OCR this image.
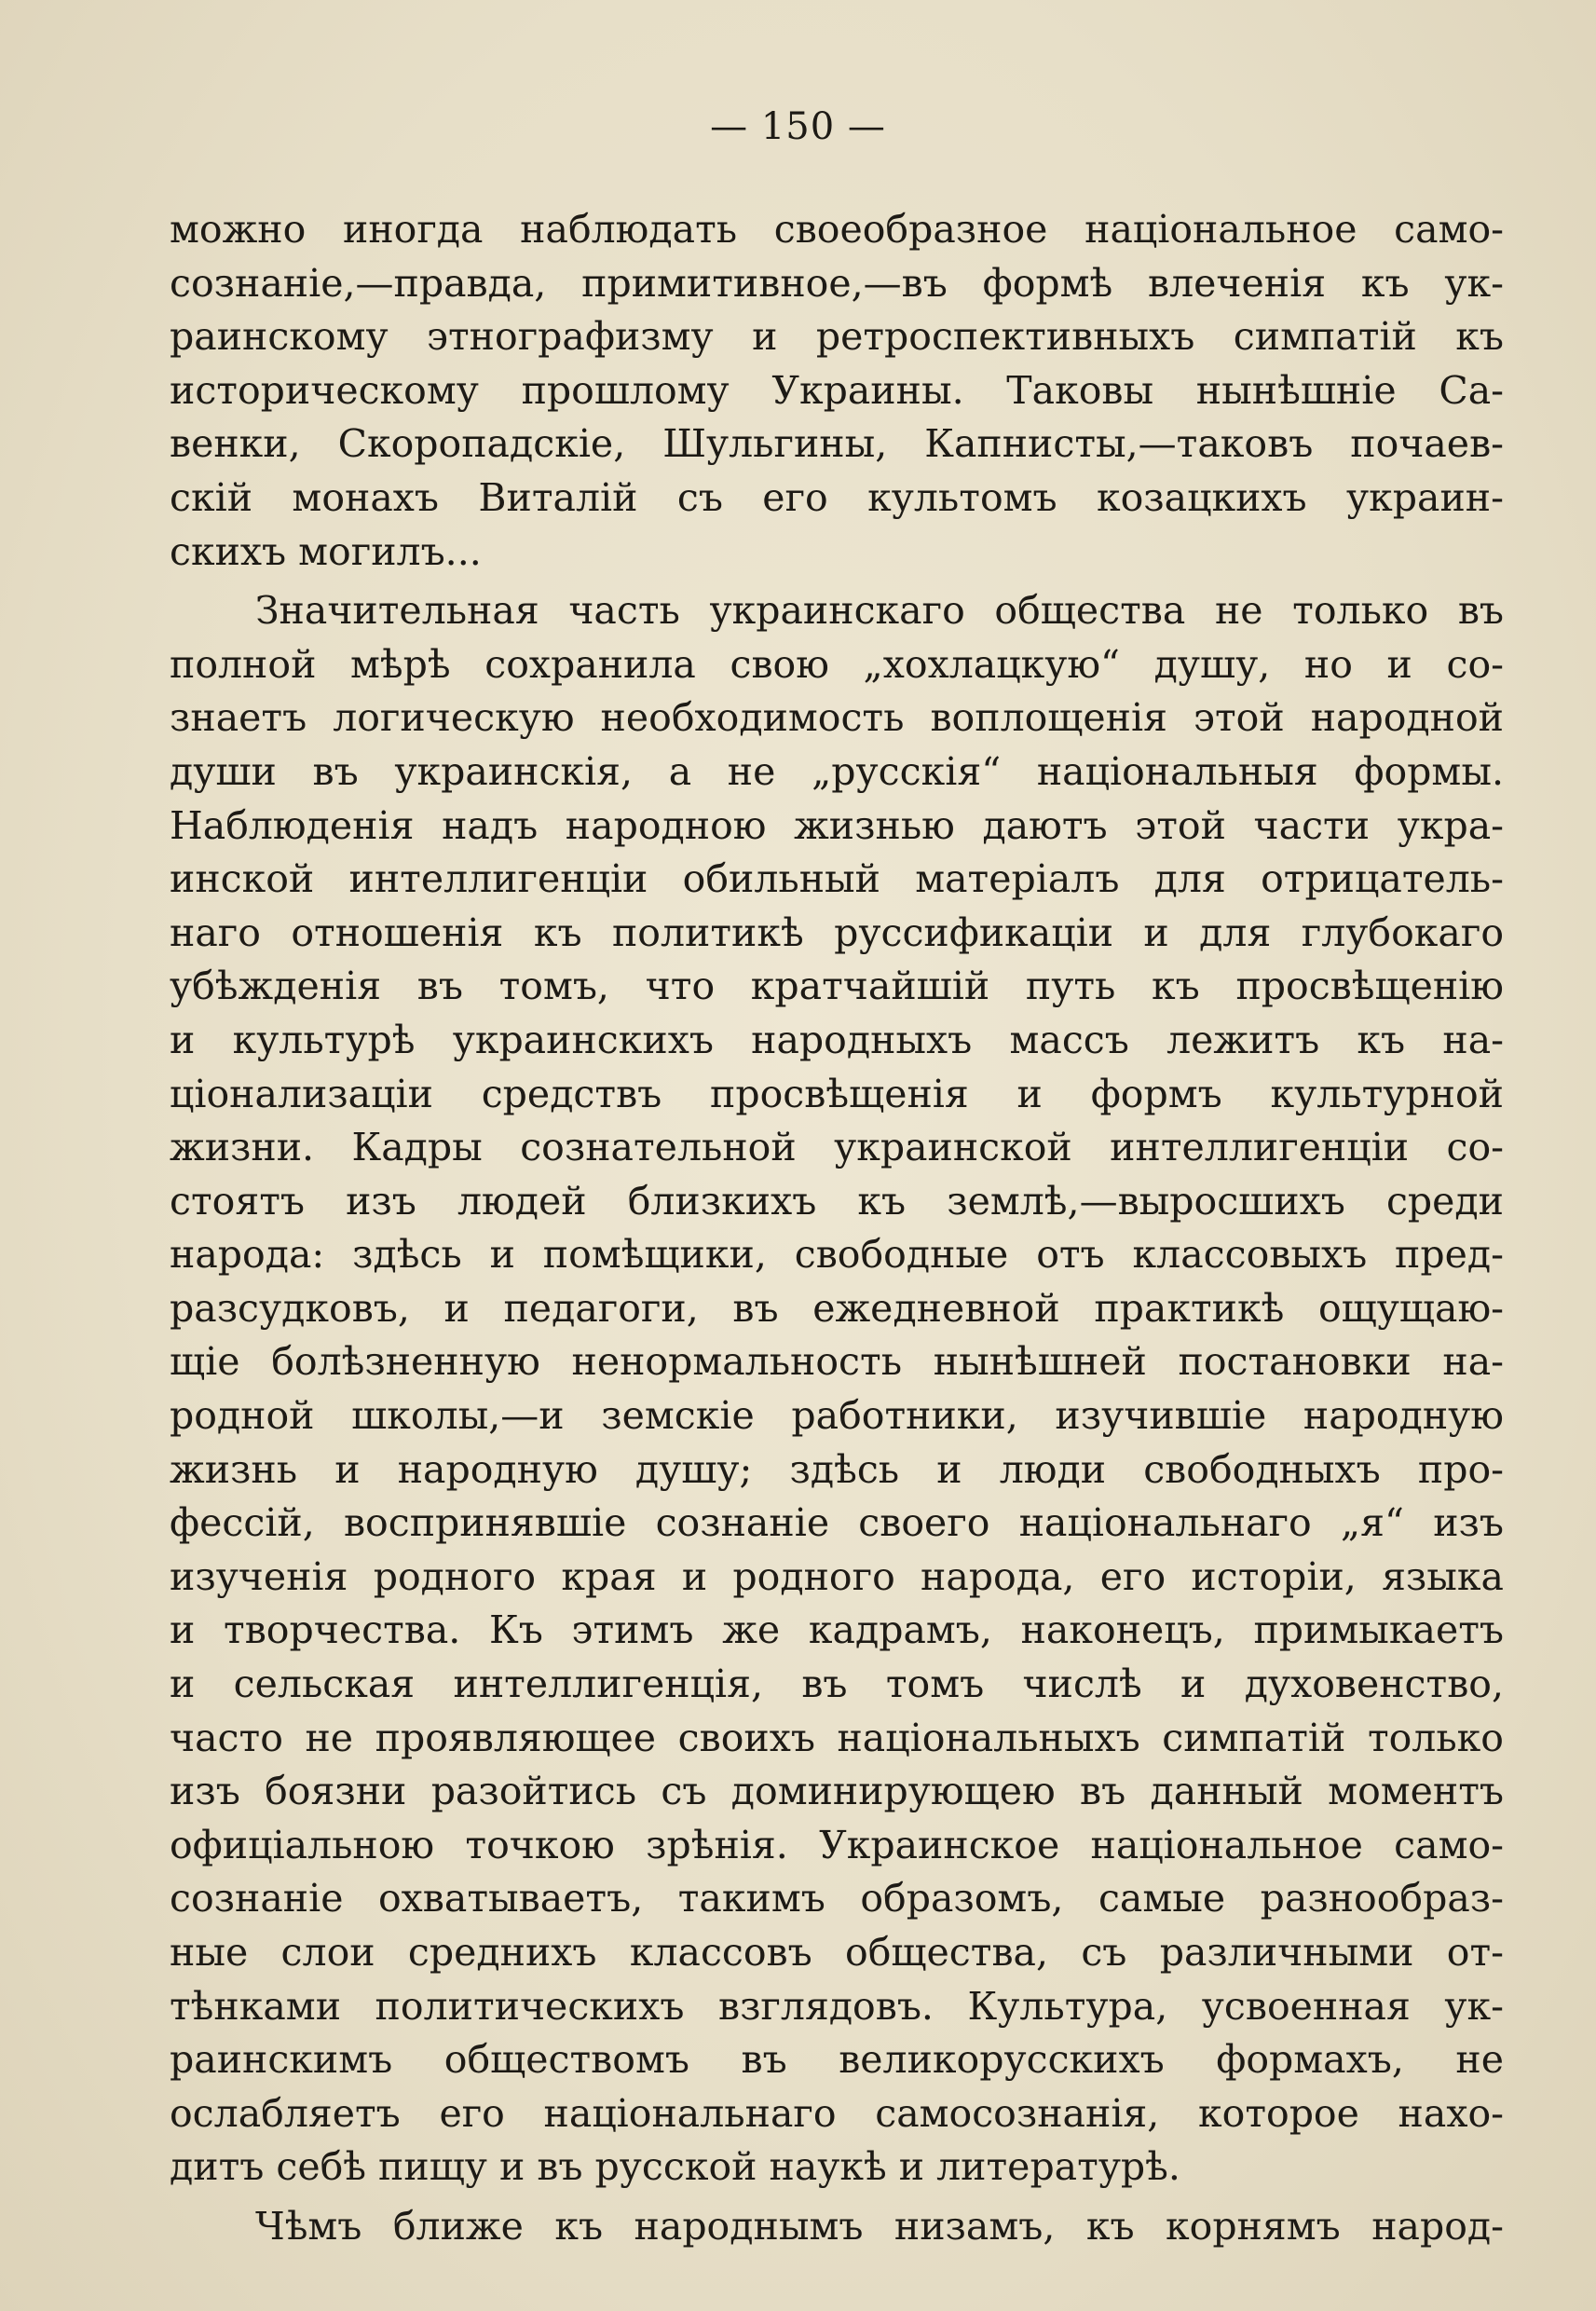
— 150 —
можно иногда наблюдать своеобразное національное само-
сознаніе,—правда, примитивное,—въ формѣ влеченія къ ук-
раинскому этнографизму и ретроспективныхъ симпатій къ
историческому прошлому Украины. Таковы нынѣшніе Са-
венки, Скоропадскіе, Шульгины, Капнисты,—таковъ почаев-
скій монахъ Виталій съ его культомъ козацкихъ украин-
скихъ могилъ...
Значительная часть украинскаго общества не только въ
полной мѣрѣ сохранила свою „хохлацкую“ душу, но и со-
знаетъ логическую необходимость воплощенія этой народной
души въ украинскія, а не „русскія“ національныя формы.
Наблюденія надъ народною жизнью даютъ этой части укра-
инской интеллигенціи обильный матеріалъ для отрицатель-
наго отношенія къ политикѣ руссификаціи и для глубокаго
убѣжденія въ томъ, что кратчайшій путь къ просвѣщенію
и культурѣ украинскихъ народныхъ массъ лежитъ къ на-
ціонализаціи средствъ просвѣщенія и формъ культурной
жизни. Кадры сознательной украинской интеллигенціи со-
стоятъ изъ людей близкихъ къ землѣ,—выросшихъ среди
народа: здѣсь и помѣщики, свободные отъ классовыхъ пред-
разсудковъ, и педагоги, въ ежедневной практикѣ ощущаю-
щіе болѣзненную ненормальность нынѣшней постановки на-
родной школы,—и земскіе работники, изучившіе народную
жизнь и народную душу; здѣсь и люди свободныхъ про-
фессій, воспринявшіе сознаніе своего національнаго „я“ изъ
изученія родного края и родного народа, его исторіи, языка
и творчества. Къ этимъ же кадрамъ, наконецъ, примыкаетъ
и сельская интеллигенція, въ томъ числѣ и духовенство,
часто не проявляющее своихъ національныхъ симпатій только
изъ боязни разойтись съ доминирующею въ данный моментъ
офиціальною точкою зрѣнія. Украинское національное само-
сознаніе охватываетъ, такимъ образомъ, самые разнообраз-
ные слои среднихъ классовъ общества, съ различными от-
тѣнками политическихъ взглядовъ. Культура, усвоенная ук-
раинскимъ обществомъ въ великорусскихъ формахъ, не
ослабляетъ его національнаго самосознанія, которое нахо-
дитъ себѣ пищу и въ русской наукѣ и литературѣ.
Чѣмъ ближе къ народнымъ низамъ, къ корнямъ народ-
